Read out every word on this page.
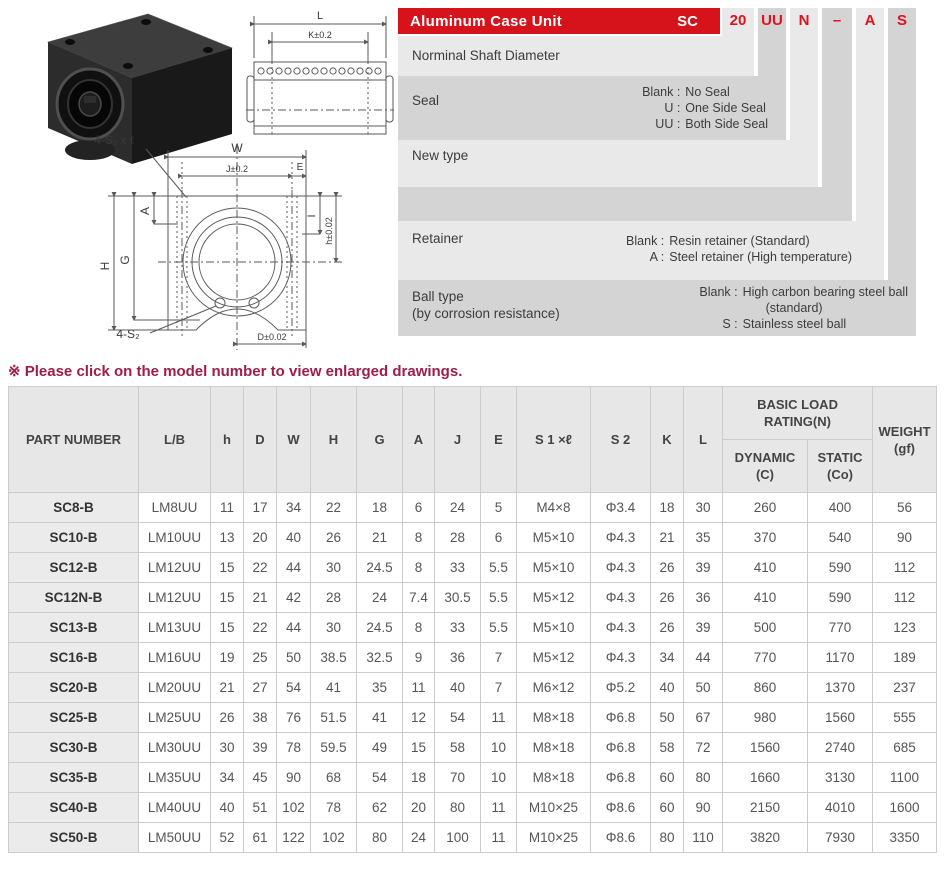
L
K±0.2
4-S₁ x ℓ
W
J±0.2	E
H
G
A
I
h±0.02
4-S₂	D±0.02
Aluminum Case Unit	SC	20 UU	N	–	A	S
Norminal Shaft Diameter
Seal
Blank : No Seal
U : One Side Seal
UU : Both Side Seal
New type
Retainer	Blank : Resin retainer (Standard)
A : Steel retainer (High temperature)
Ball type
(by corrosion resistance)
Blank : High carbon bearing steel ball
(standard)
S : Stainless steel ball
※ Please click on the model number to view enlarged drawings.
PART NUMBER	L/B	h	D	W	H	G	A	J	E	S 1 ×ℓ	S 2	K	L	
BASIC LOAD
RATING(N)

WEIGHT
(gf)

DYNAMIC
(C)

STATIC
(Co)

SC8-B	LM8UU	11	17	34	22	18	6	24	5	M4×8	Φ3.4	18	30	260	400	56
SC10-B	LM10UU	13	20	40	26	21	8	28	6	M5×10	Φ4.3	21	35	370	540	90
SC12-B	LM12UU	15	22	44	30	24.5	8	33	5.5	M5×10	Φ4.3	26	39	410	590	112
SC12N-B	LM12UU	15	21	42	28	24	7.4	30.5	5.5	M5×12	Φ4.3	26	36	410	590	112
SC13-B	LM13UU	15	22	44	30	24.5	8	33	5.5	M5×10	Φ4.3	26	39	500	770	123
SC16-B	LM16UU	19	25	50	38.5	32.5	9	36	7	M5×12	Φ4.3	34	44	770	1170	189
SC20-B	LM20UU	21	27	54	41	35	11	40	7	M6×12	Φ5.2	40	50	860	1370	237
SC25-B	LM25UU	26	38	76	51.5	41	12	54	11	M8×18	Φ6.8	50	67	980	1560	555
SC30-B	LM30UU	30	39	78	59.5	49	15	58	10	M8×18	Φ6.8	58	72	1560	2740	685
SC35-B	LM35UU	34	45	90	68	54	18	70	10	M8×18	Φ6.8	60	80	1660	3130	1100
SC40-B	LM40UU	40	51	102	78	62	20	80	11	M10×25	Φ8.6	60	90	2150	4010	1600
SC50-B	LM50UU	52	61	122	102	80	24	100	11	M10×25	Φ8.6	80	110	3820	7930	3350
